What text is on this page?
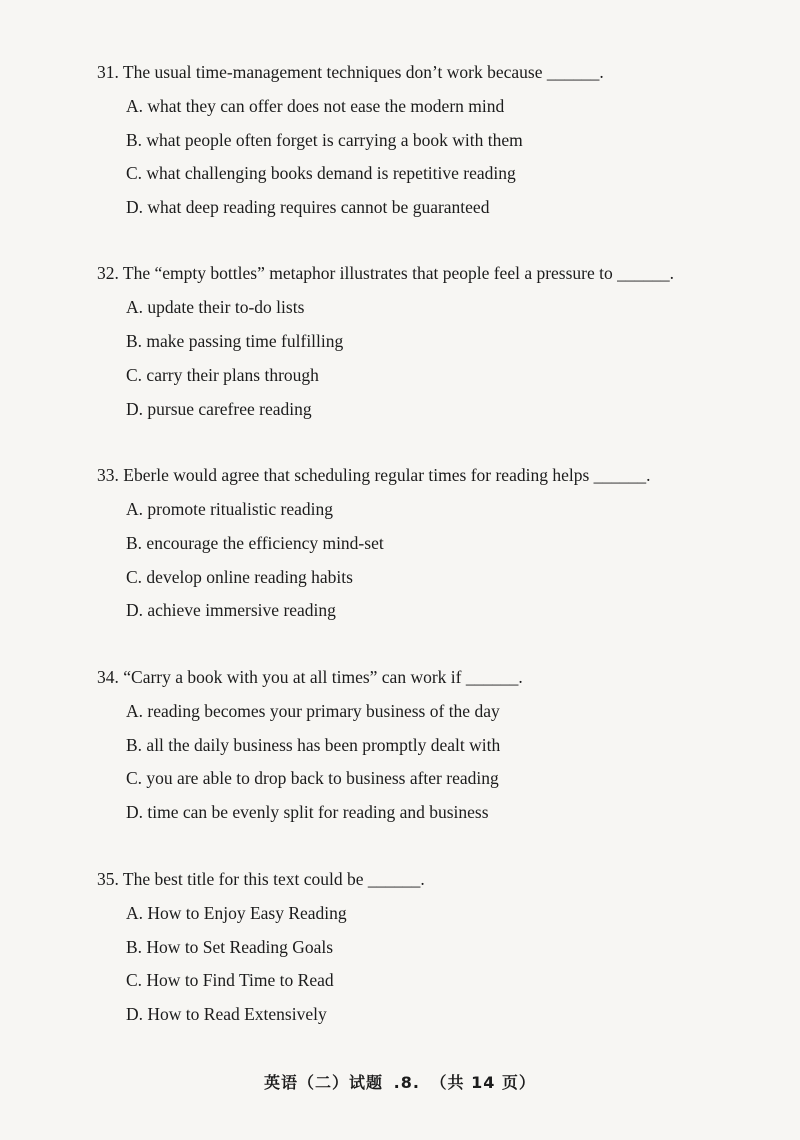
31. The usual time-management techniques don’t work because ______.
A. what they can offer does not ease the modern mind
B. what people often forget is carrying a book with them
C. what challenging books demand is repetitive reading
D. what deep reading requires cannot be guaranteed
32. The “empty bottles” metaphor illustrates that people feel a pressure to ______.
A. update their to-do lists
B. make passing time fulfilling
C. carry their plans through
D. pursue carefree reading
33. Eberle would agree that scheduling regular times for reading helps ______.
A. promote ritualistic reading
B. encourage the efficiency mind-set
C. develop online reading habits
D. achieve immersive reading
34. “Carry a book with you at all times” can work if ______.
A. reading becomes your primary business of the day
B. all the daily business has been promptly dealt with
C. you are able to drop back to business after reading
D. time can be evenly split for reading and business
35. The best title for this text could be ______.
A. How to Enjoy Easy Reading
B. How to Set Reading Goals
C. How to Find Time to Read
D. How to Read Extensively
英语（二）试题 .8. （共 14 页）
